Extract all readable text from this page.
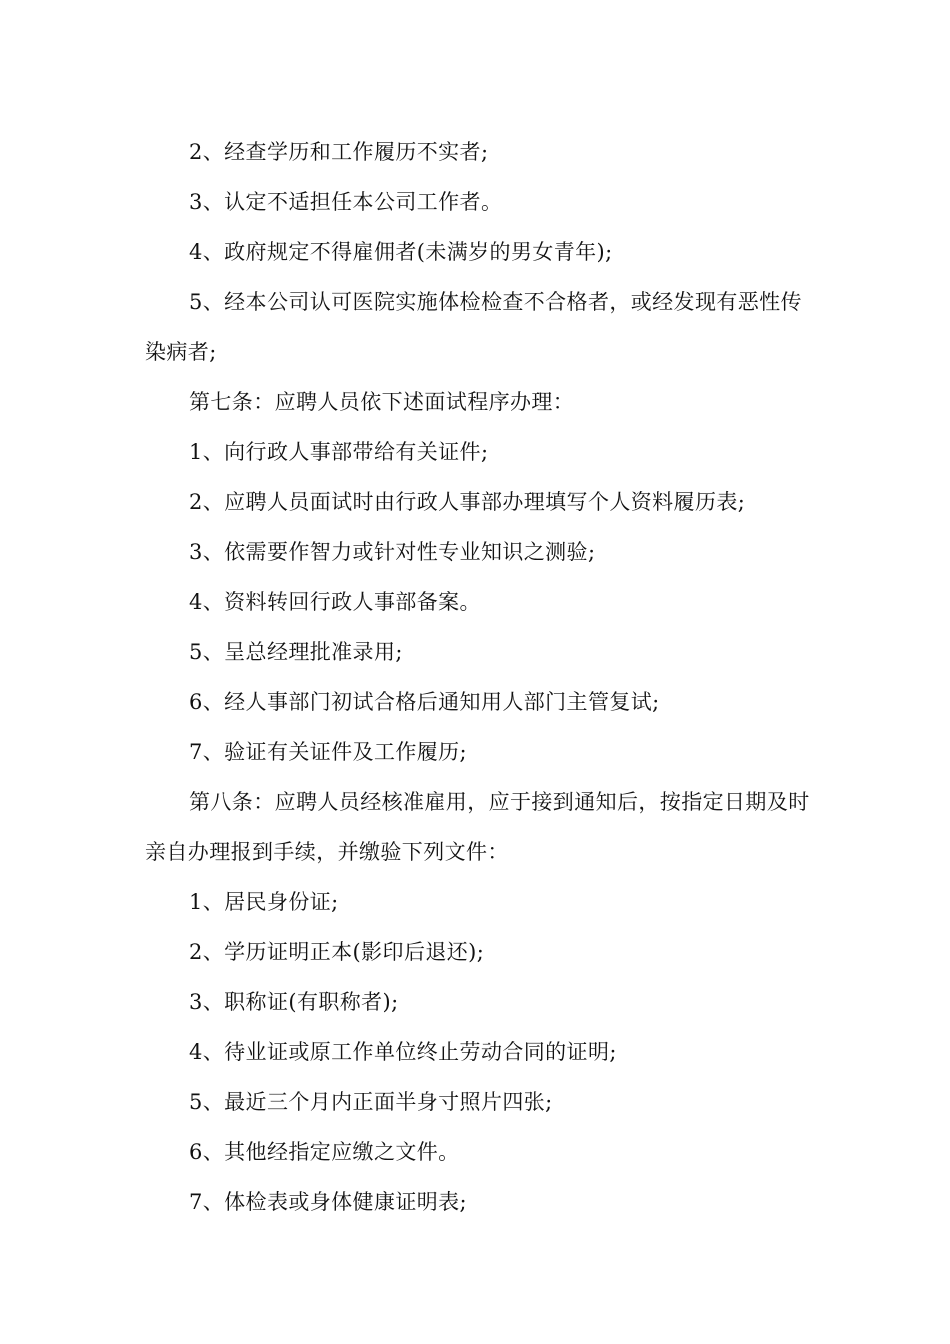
2、经查学历和工作履历不实者;

3、认定不适担任本公司工作者。

4、政府规定不得雇佣者(未满岁的男女青年);

5、经本公司认可医院实施体检检查不合格者，或经发现有恶性传染病者;

第七条：应聘人员依下述面试程序办理：

1、向行政人事部带给有关证件;

2、应聘人员面试时由行政人事部办理填写个人资料履历表;

3、依需要作智力或针对性专业知识之测验;

4、资料转回行政人事部备案。

5、呈总经理批准录用;

6、经人事部门初试合格后通知用人部门主管复试;

7、验证有关证件及工作履历;

第八条：应聘人员经核准雇用，应于接到通知后，按指定日期及时亲自办理报到手续，并缴验下列文件：

1、居民身份证;

2、学历证明正本(影印后退还);

3、职称证(有职称者);

4、待业证或原工作单位终止劳动合同的证明;

5、最近三个月内正面半身寸照片四张;

6、其他经指定应缴之文件。

7、体检表或身体健康证明表;
